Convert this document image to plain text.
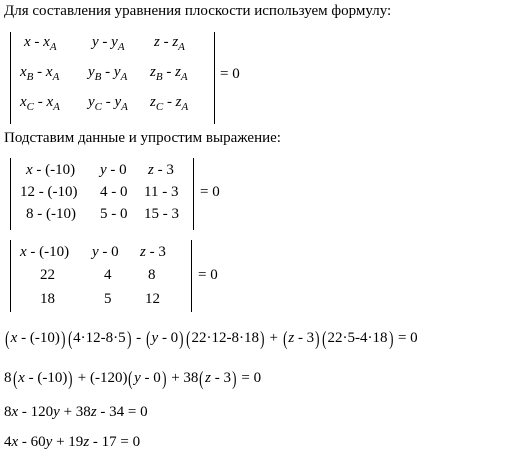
Для составления уравнения плоскости используем формулу:
x - $x_A$ y - $y_A$ z - $z_A$
$x_B - x_A$ $y_B - y_A$ $z_B - z_A$
$x_C - x_A$ $y_C - y_A$ $z_C - z_A$
= 0
Подставим данные и упростим выражение:
x - (-10) y - 0 z - 3
12 - (-10) 4 - 0 11 - 3
8 - (-10) 5 - 0 15 - 3
= 0
x - (-10) y - 0 z - 3
22	4 8
18	5 12
= 0
(x - (-10)) (4·12-8·5) - (y - 0) (22·12-8·18) + (z - 3) (22·5-4·18) = 0
8(x - (-10)) + (-120)(y - 0) + 38(z - 3) = 0
8x - 120y + 38z - 34 = 0
4x - 60y + 19z - 17 = 0
